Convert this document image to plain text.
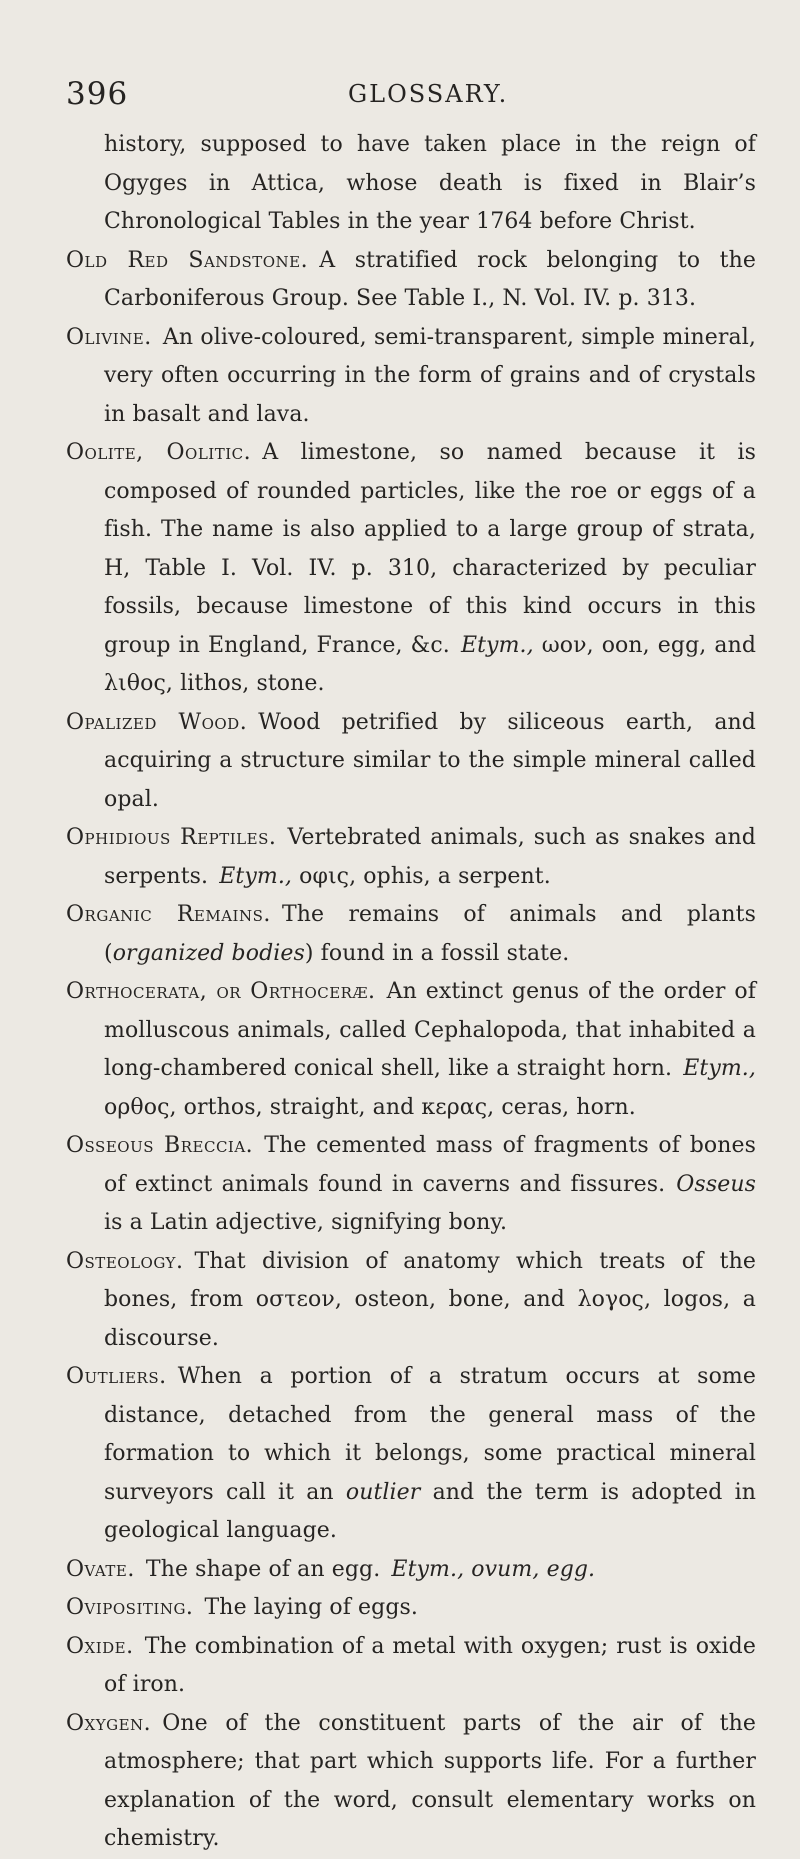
396	GLOSSARY.

history, supposed to have taken place in the reign of Ogyges in Attica, whose death is fixed in Blair’s Chronological Tables in the year 1764 before Christ.

Old Red Sandstone.  A stratified rock belonging to the Carboniferous Group. See Table I., N. Vol. IV. p. 313.

Olivine.  An olive-coloured, semi-transparent, simple mineral, very often occurring in the form of grains and of crystals in basalt and lava.

Oolite, Oolitic.  A limestone, so named because it is composed of rounded particles, like the roe or eggs of a fish. The name is also applied to a large group of strata, H, Table I. Vol. IV. p. 310, characterized by peculiar fossils, because limestone of this kind occurs in this group in England, France, &c.  Etym., ωον, oon, egg, and λιθος, lithos, stone.

Opalized Wood.  Wood petrified by siliceous earth, and acquiring a structure similar to the simple mineral called opal.

Ophidious Reptiles.  Vertebrated animals, such as snakes and serpents.  Etym., οφις, ophis, a serpent.

Organic Remains.  The remains of animals and plants (organized bodies) found in a fossil state.

Orthocerata, or Orthoceræ.  An extinct genus of the order of molluscous animals, called Cephalopoda, that inhabited a long-chambered conical shell, like a straight horn.  Etym., ορθος, orthos, straight, and κερας, ceras, horn.

Osseous Breccia.  The cemented mass of fragments of bones of extinct animals found in caverns and fissures.  Osseus is a Latin adjective, signifying bony.

Osteology.  That division of anatomy which treats of the bones, from οστεον, osteon, bone, and λογος, logos, a discourse.

Outliers.  When a portion of a stratum occurs at some distance, detached from the general mass of the formation to which it belongs, some practical mineral surveyors call it an outlier and the term is adopted in geological language.

Ovate.  The shape of an egg.  Etym., ovum, egg.

Ovipositing.  The laying of eggs.

Oxide.  The combination of a metal with oxygen; rust is oxide of iron.

Oxygen.  One of the constituent parts of the air of the atmosphere; that part which supports life. For a further explanation of the word, consult elementary works on chemistry.
